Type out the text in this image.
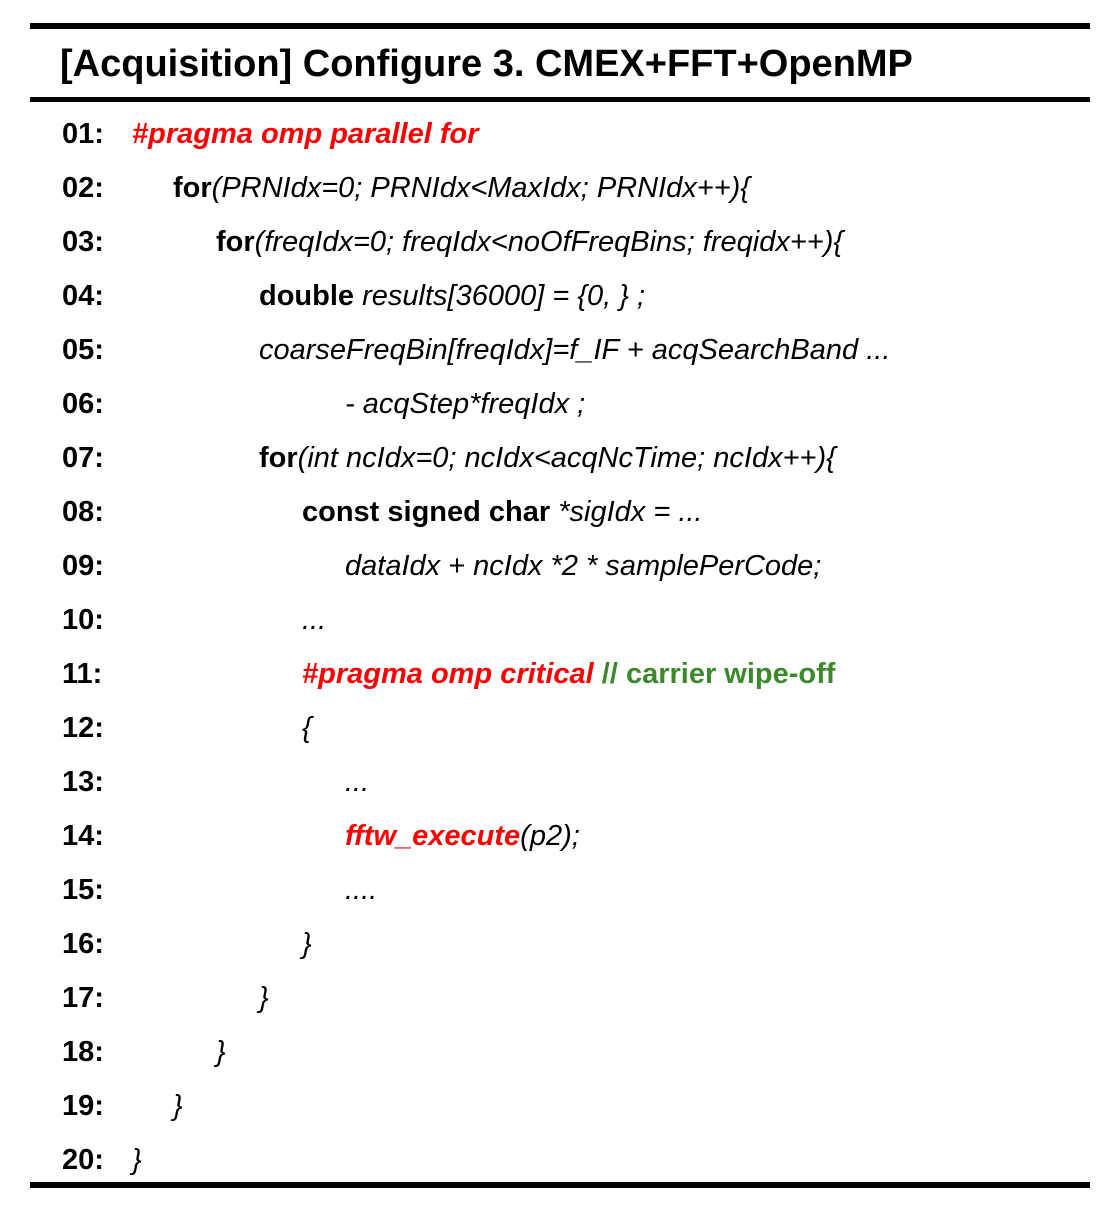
[Acquisition] Configure 3. CMEX+FFT+OpenMP
01: #pragma omp parallel for
02: for(PRNIdx=0; PRNIdx<MaxIdx; PRNIdx++){
03:	for(freqIdx=0; freqIdx<noOfFreqBins; freqidx++){
04:	double results[36000] = {0, } ;
05:	coarseFreqBin[freqIdx]=f_IF + acqSearchBand ...
06:	- acqStep*freqIdx ;
07:	for(int ncIdx=0; ncIdx<acqNcTime; ncIdx++){
08:	const signed char *sigIdx = ...
09:	dataIdx + ncIdx *2 * samplePerCode;
10:	...
11:	#pragma omp critical // carrier wipe-off
12:	{
13:	...
14:	fftw_execute(p2);
15:	....
16:	}
17:	}
18:	}
19: }
20: }
